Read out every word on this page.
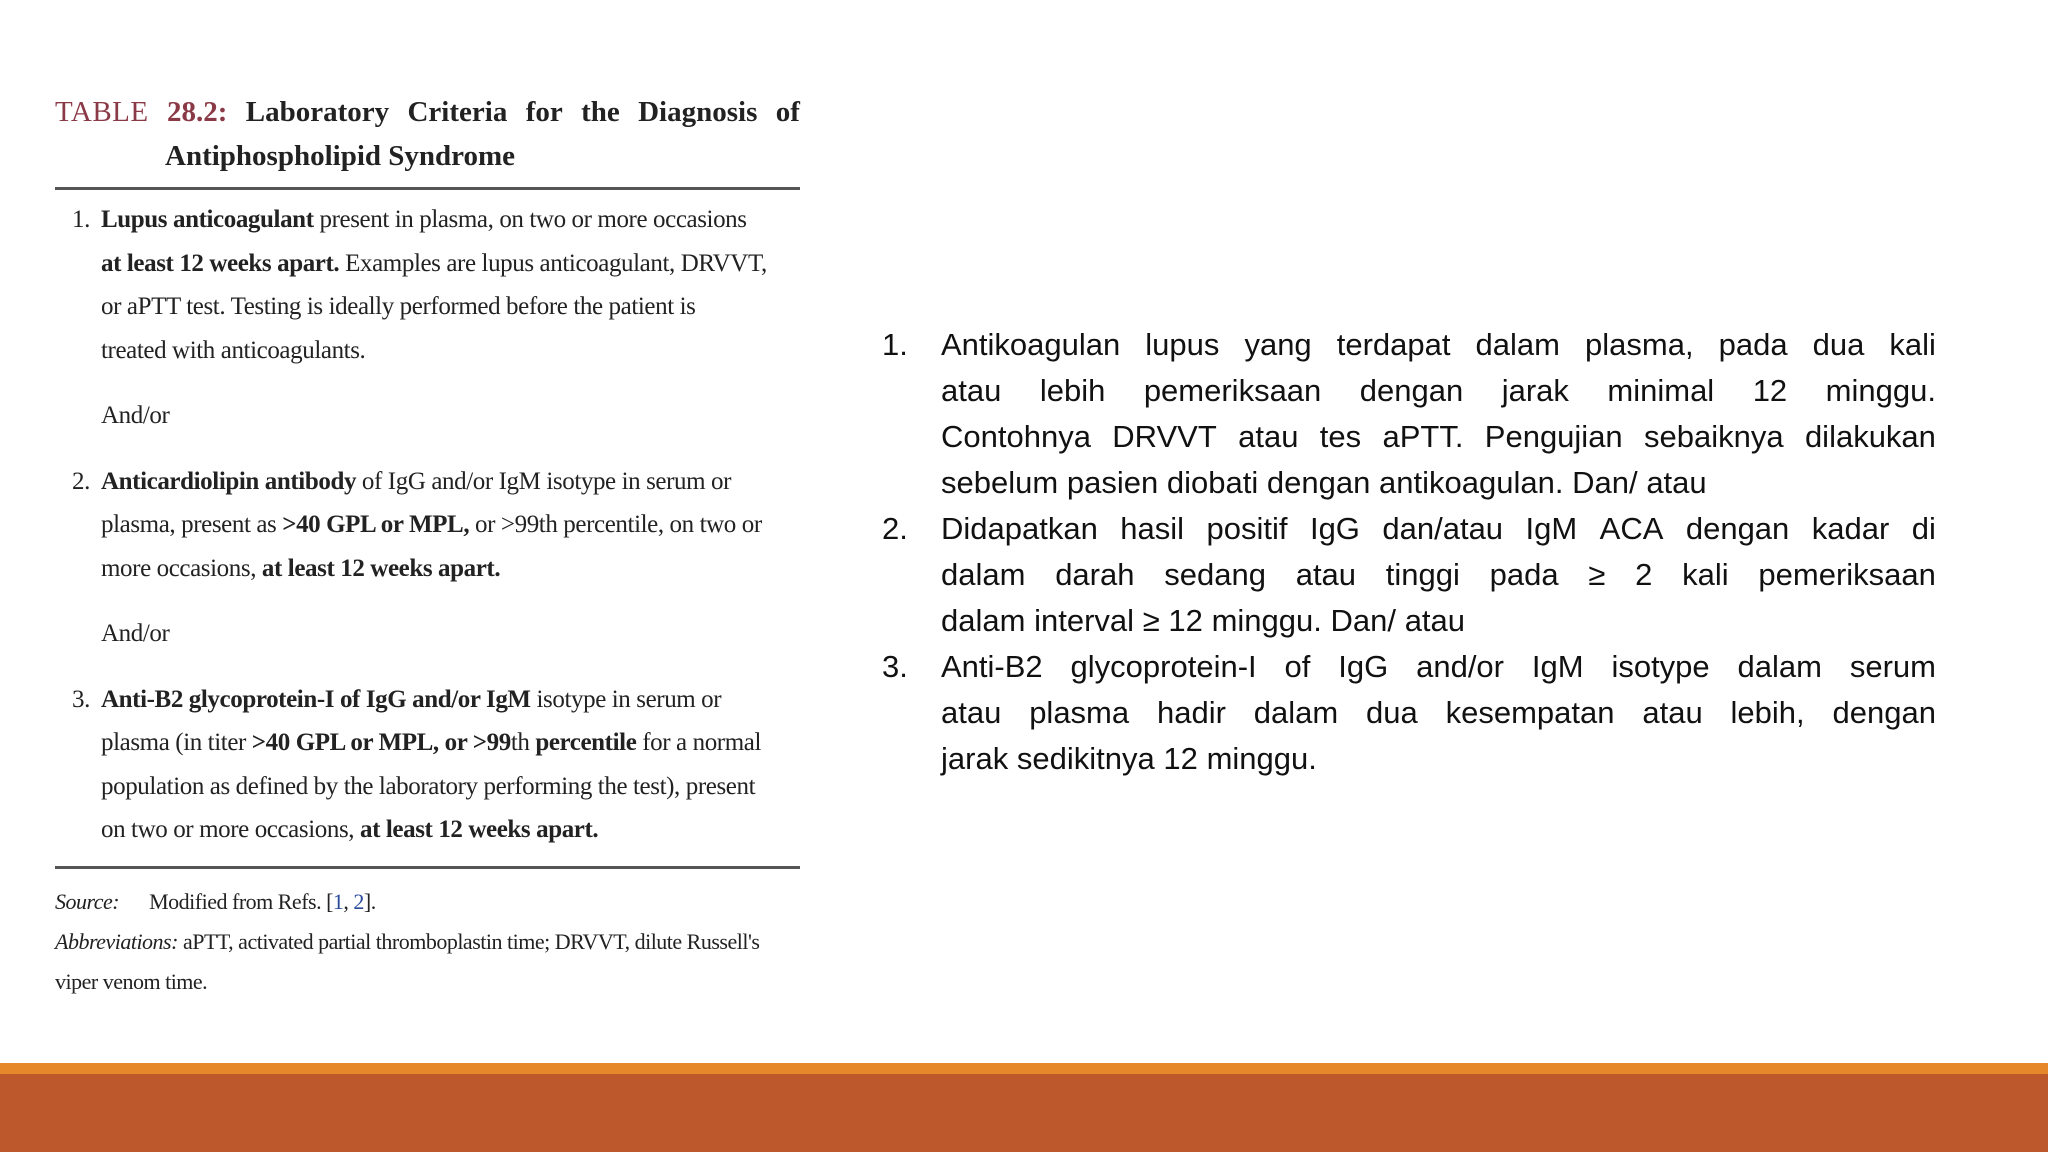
TABLE 28.2: Laboratory Criteria for the Diagnosis of
Antiphospholipid Syndrome
1. Lupus anticoagulant present in plasma, on two or more occasions
at least 12 weeks apart. Examples are lupus anticoagulant, DRVVT,
or aPTT test. Testing is ideally performed before the patient is
treated with anticoagulants.
And/or
2. Anticardiolipin antibody of IgG and/or IgM isotype in serum or
plasma, present as >40 GPL or MPL, or >99th percentile, on two or
more occasions, at least 12 weeks apart.
And/or
3. Anti-B2 glycoprotein-I of IgG and/or IgM isotype in serum or
plasma (in titer >40 GPL or MPL, or >99th percentile for a normal
population as defined by the laboratory performing the test), present
on two or more occasions, at least 12 weeks apart.
Source: Modified from Refs. [1, 2].
Abbreviations: aPTT, activated partial thromboplastin time; DRVVT, dilute Russell's
viper venom time.
1. Antikoagulan lupus yang terdapat dalam plasma, pada dua kali
atau lebih pemeriksaan dengan jarak minimal 12 minggu.
Contohnya DRVVT atau tes aPTT. Pengujian sebaiknya dilakukan
sebelum pasien diobati dengan antikoagulan. Dan/ atau
2. Didapatkan hasil positif IgG dan/atau IgM ACA dengan kadar di
dalam darah sedang atau tinggi pada ≥ 2 kali pemeriksaan
dalam interval ≥ 12 minggu. Dan/ atau
3. Anti-B2 glycoprotein-I of IgG and/or IgM isotype dalam serum
atau plasma hadir dalam dua kesempatan atau lebih, dengan
jarak sedikitnya 12 minggu.
